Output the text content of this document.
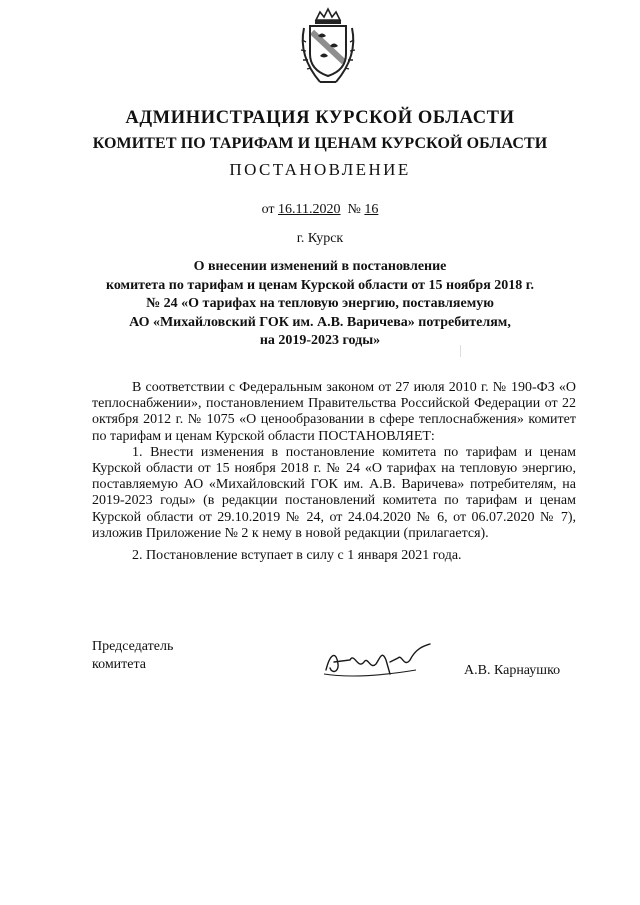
АДМИНИСТРАЦИЯ КУРСКОЙ ОБЛАСТИ
КОМИТЕТ ПО ТАРИФАМ И ЦЕНАМ КУРСКОЙ ОБЛАСТИ
ПОСТАНОВЛЕНИЕ
от 16.11.2020 № 16
г. Курск
О внесении изменений в постановление
комитета по тарифам и ценам Курской области от 15 ноября 2018 г.
№ 24 «О тарифах на тепловую энергию, поставляемую
АО «Михайловский ГОК им. А.В. Варичева» потребителям,
на 2019-2023 годы»

В соответствии с Федеральным законом от 27 июля 2010 г. № 190-ФЗ «О теплоснабжении», постановлением Правительства Российской Федерации от 22 октября 2012 г. № 1075 «О ценообразовании в сфере теплоснабжения» комитет по тарифам и ценам Курской области ПОСТАНОВЛЯЕТ:

1. Внести изменения в постановление комитета по тарифам и ценам Курской области от 15 ноября 2018 г. № 24 «О тарифах на тепловую энергию, поставляемую АО «Михайловский ГОК им. А.В. Варичева» потребителям, на 2019-2023 годы» (в редакции постановлений комитета по тарифам и ценам Курской области от 29.10.2019 № 24, от 24.04.2020 № 6, от 06.07.2020 № 7), изложив Приложение № 2 к нему в новой редакции (прилагается).

2. Постановление вступает в силу с 1 января 2021 года.

Председатель
комитета	А.В. Карнаушко
